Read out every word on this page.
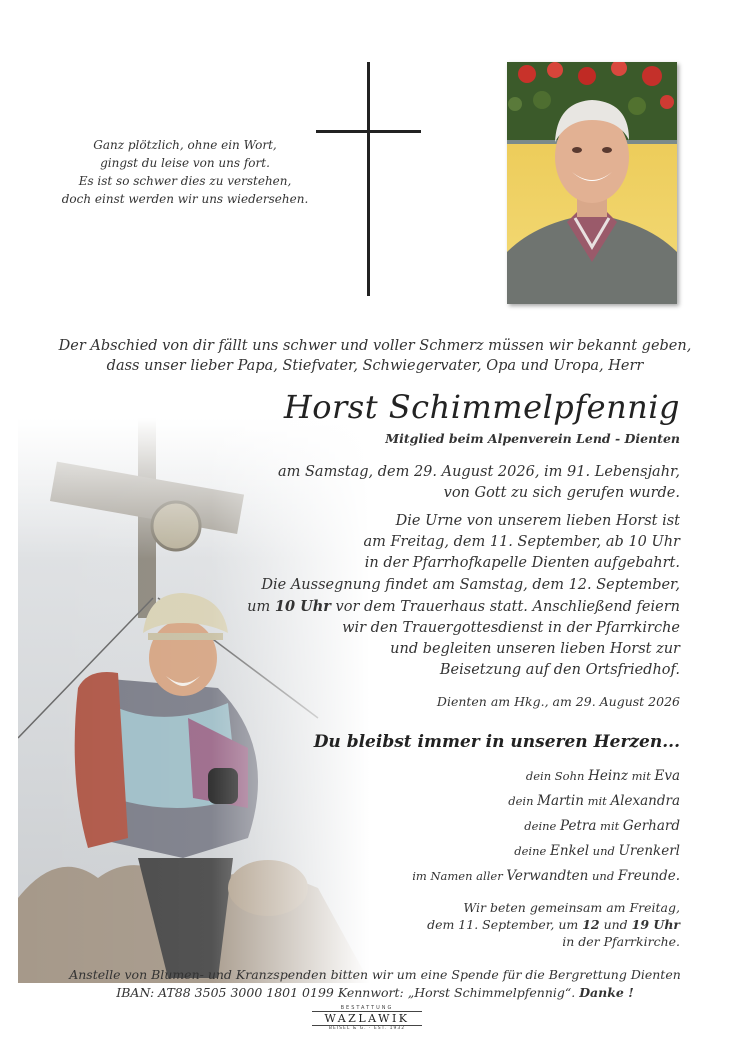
Ganz plötzlich, ohne ein Wort,
gingst du leise von uns fort.
Es ist so schwer dies zu verstehen,
doch einst werden wir uns wiedersehen.
Der Abschied von dir fällt uns schwer und voller Schmerz müssen wir bekannt geben,
dass unser lieber Papa, Stiefvater, Schwiegervater, Opa und Uropa, Herr
Horst Schimmelpfennig
Mitglied beim Alpenverein Lend - Dienten
am Samstag, dem 29. August 2026, im 91. Lebensjahr,
von Gott zu sich gerufen wurde.
Die Urne von unserem lieben Horst ist
am Freitag, dem 11. September, ab 10 Uhr
in der Pfarrhofkapelle Dienten aufgebahrt.
Die Aussegnung findet am Samstag, dem 12. September,
um 10 Uhr vor dem Trauerhaus statt. Anschließend feiern
wir den Trauergottesdienst in der Pfarrkirche
und begleiten unseren lieben Horst zur
Beisetzung auf den Ortsfriedhof.
Dienten am Hkg., am 29. August 2026
Du bleibst immer in unseren Herzen...
dein Sohn Heinz mit Eva
dein Martin mit Alexandra
deine Petra mit Gerhard
deine Enkel und Urenkerl
im Namen aller Verwandten und Freunde.
Wir beten gemeinsam am Freitag,
dem 11. September, um 12 und 19 Uhr
in der Pfarrkirche.
Anstelle von Blumen- und Kranzspenden bitten wir um eine Spende für die Bergrettung Dienten
IBAN: AT88 3505 3000 1801 0199 Kennwort: „Horst Schimmelpfennig“. Danke !
BESTATTUNG
WAZLAWIK
BEISEL & G. · EST. 1932
